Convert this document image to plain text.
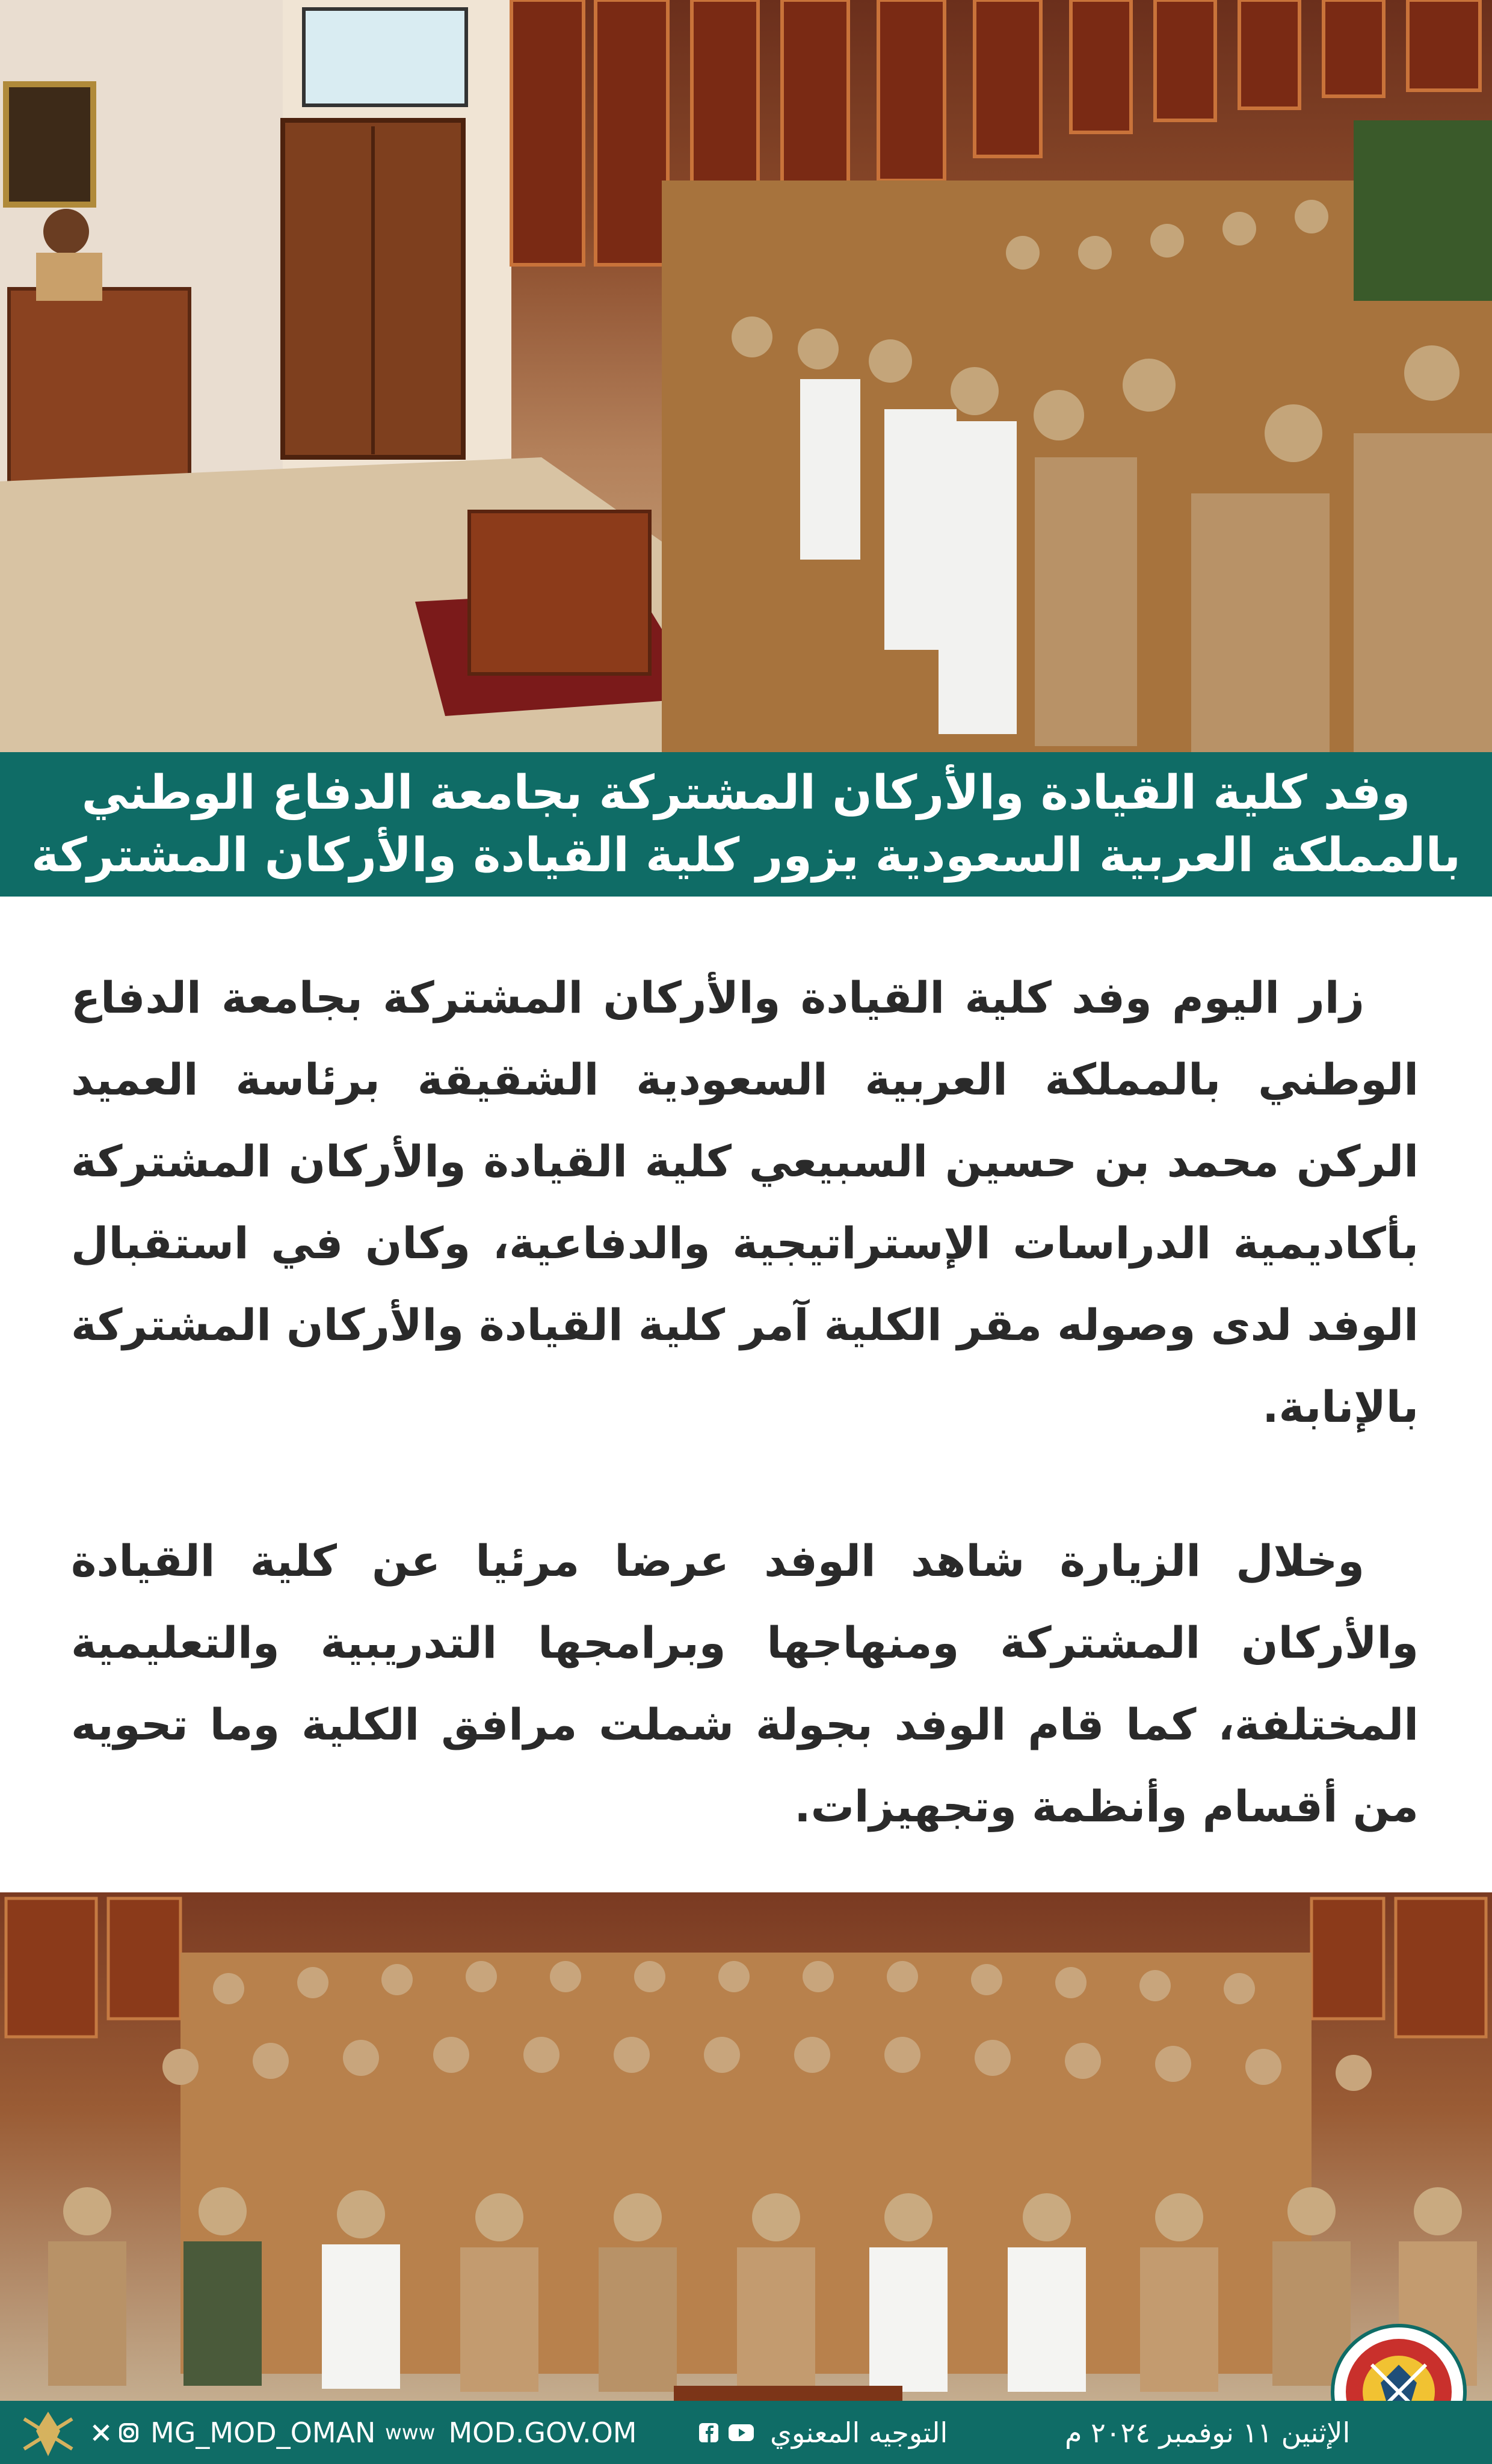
وفد كلية القيادة والأركان المشتركة بجامعة الدفاع الوطني
بالمملكة العربية السعودية يزور كلية القيادة والأركان المشتركة

زار اليوم وفد كلية القيادة والأركان المشتركة بجامعة الدفاع الوطني بالمملكة العربية السعودية الشقيقة برئاسة العميد الركن محمد بن حسين السبيعي كلية القيادة والأركان المشتركة بأكاديمية الدراسات الإستراتيجية والدفاعية، وكان في استقبال الوفد لدى وصوله مقر الكلية آمر كلية القيادة والأركان المشتركة بالإنابة.

وخلال الزيارة شاهد الوفد عرضا مرئيا عن كلية القيادة والأركان المشتركة ومنهاجها وبرامجها التدريبية والتعليمية المختلفة، كما قام الوفد بجولة شملت مرافق الكلية وما تحويه من أقسام وأنظمة وتجهيزات.

MG_MOD_OMAN www MOD.GOV.OM	التوجيه المعنوي	الإثنين ١١ نوفمبر ٢٠٢٤ م
